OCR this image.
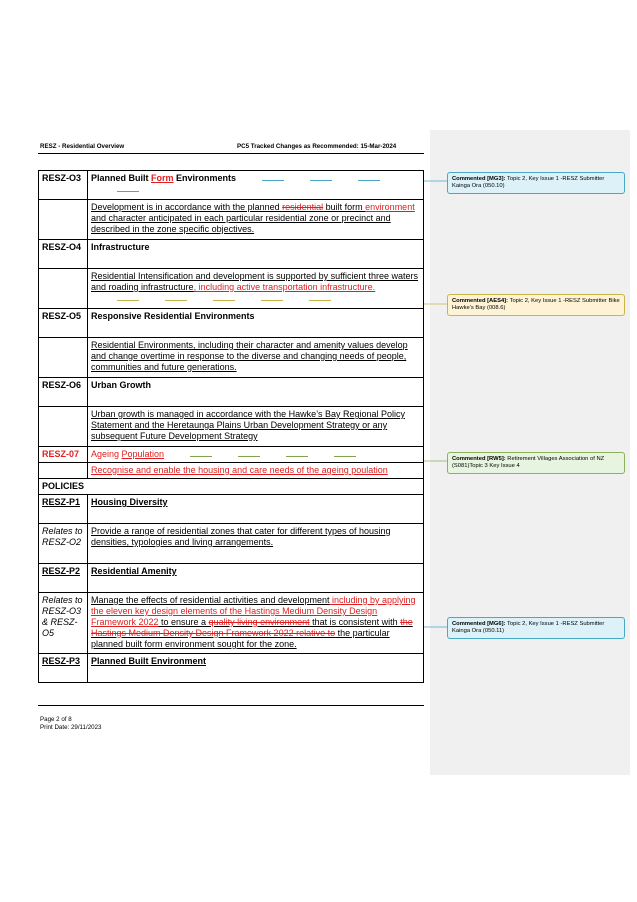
RESZ - Residential Overview	PC5 Tracked Changes as Recommended: 15-Mar-2024
RESZ-O3	Planned Built Form Environments
	Development is in accordance with the planned residential built form environment and character anticipated in each particular residential zone or precinct and described in the zone specific objectives.
RESZ-O4	Infrastructure
	Residential Intensification and development is supported by sufficient three waters and roading infrastructure, including active transportation infrastructure.
RESZ-O5	Responsive Residential Environments
	Residential Environments, including their character and amenity values develop and change overtime in response to the diverse and changing needs of people, communities and future generations.
RESZ-O6	Urban Growth
	Urban growth is managed in accordance with the Hawke’s Bay Regional Policy Statement and the Heretaunga Plains Urban Development Strategy or any subsequent Future Development Strategy
RESZ-07	Ageing Population
	Recognise and enable the housing and care needs of the ageing poulation
POLICIES	
RESZ-P1	Housing Diversity
Relates to RESZ-O2	Provide a range of residential zones that cater for different types of housing densities, typologies and living arrangements.
RESZ-P2	Residential Amenity
Relates to RESZ-O3 & RESZ-O5	Manage the effects of residential activities and development including by applying the eleven key design elements of the Hastings Medium Density Design Framework 2022 to ensure a quality living environment that is consistent with the Hastings Medium Density Design Framework 2022 relative to the particular planned built form environment sought for the zone.
RESZ-P3	Planned Built Environment
Page 2 of 8
Print Date: 29/11/2023
Commented [MG3]: Topic 2, Key Issue 1 -RESZ Submitter Kainga Ora (050.10)
Commented [AES4]: Topic 2, Key Issue 1 -RESZ Submitter Bike Hawke’s Bay (008.6)
Commented [RW5]: Retirement Villages Association of NZ (S081)Topic 3 Key Issue 4
Commented [MG6]: Topic 2, Key Issue 1 -RESZ Submitter Kainga Ora (050.11)
